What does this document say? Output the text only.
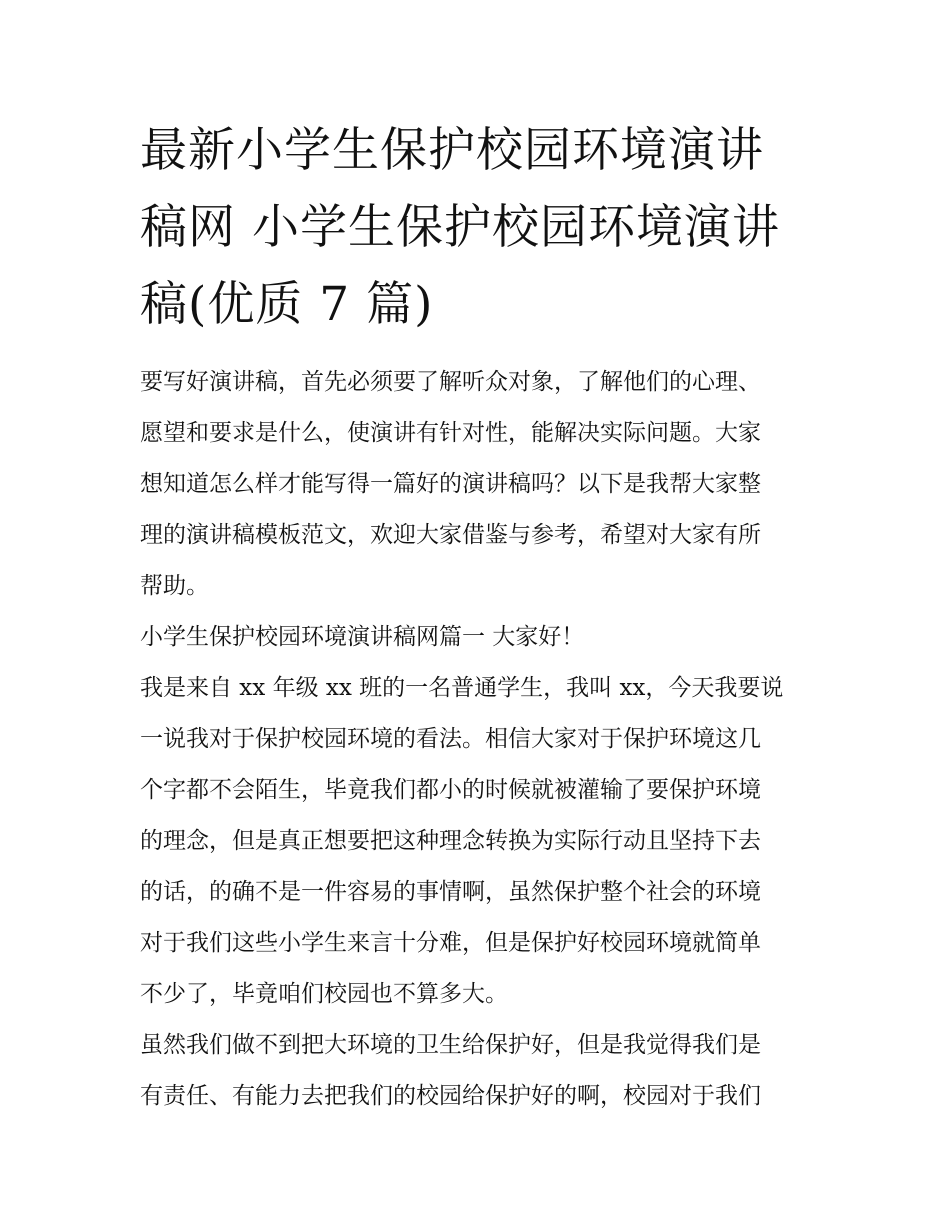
最新小学生保护校园环境演讲
稿网 小学生保护校园环境演讲
稿(优质 7 篇)

要写好演讲稿，首先必须要了解听众对象，了解他们的心理、
愿望和要求是什么，使演讲有针对性，能解决实际问题。大家
想知道怎么样才能写得一篇好的演讲稿吗？以下是我帮大家整
理的演讲稿模板范文，欢迎大家借鉴与参考，希望对大家有所
帮助。

小学生保护校园环境演讲稿网篇一 大家好！

我是来自 xx 年级 xx 班的一名普通学生，我叫 xx，今天我要说
一说我对于保护校园环境的看法。相信大家对于保护环境这几
个字都不会陌生，毕竟我们都小的时候就被灌输了要保护环境
的理念，但是真正想要把这种理念转换为实际行动且坚持下去
的话，的确不是一件容易的事情啊，虽然保护整个社会的环境
对于我们这些小学生来言十分难，但是保护好校园环境就简单
不少了，毕竟咱们校园也不算多大。

虽然我们做不到把大环境的卫生给保护好，但是我觉得我们是
有责任、有能力去把我们的校园给保护好的啊，校园对于我们
